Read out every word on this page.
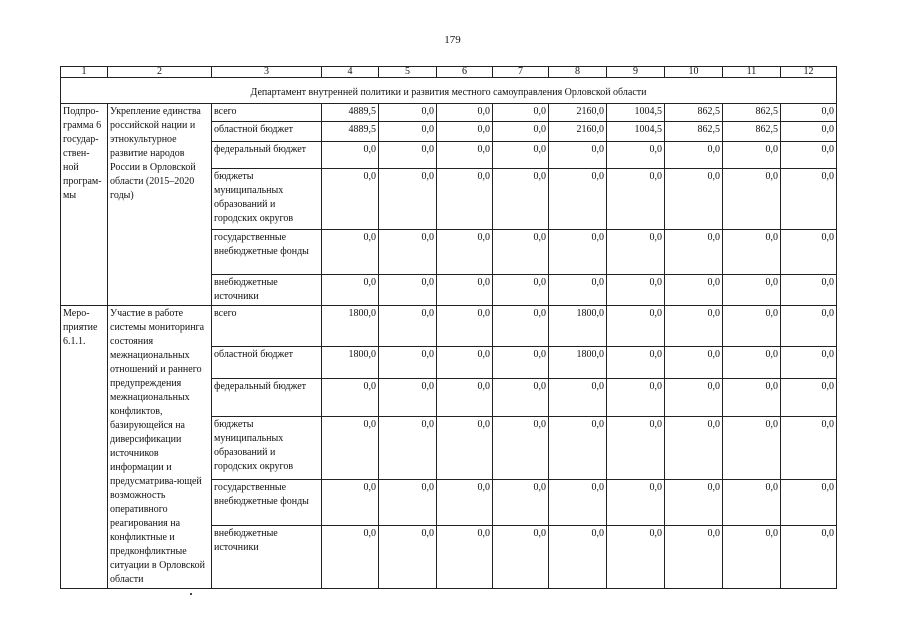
179
1	2	3	4	5	6	7	8	9	10	11	12
Департамент внутренней политики и развития местного самоуправления Орловской области											
Подпро-грамма 6 государ-ствен-ной програм-мы	Укрепление единства российской нации и этнокультурное развитие народов России в Орловской области (2015–2020 годы)	всего	4889,5	0,0	0,0	0,0	2160,0	1004,5	862,5	862,5	0,0
		областной бюджет	4889,5	0,0	0,0	0,0	2160,0	1004,5	862,5	862,5	0,0
		федеральный бюджет	0,0	0,0	0,0	0,0	0,0	0,0	0,0	0,0	0,0
		бюджеты муниципальных образований и городских округов	0,0	0,0	0,0	0,0	0,0	0,0	0,0	0,0	0,0
		государственные внебюджетные фонды	0,0	0,0	0,0	0,0	0,0	0,0	0,0	0,0	0,0
		внебюджетные источники	0,0	0,0	0,0	0,0	0,0	0,0	0,0	0,0	0,0
Меро-приятие 6.1.1.	Участие в работе системы мониторинга состояния межнациональных отношений и раннего предупреждения межнациональных конфликтов, базирующейся на диверсификации источников информации и предусматрива-ющей возможность оперативного реагирования на конфликтные и предконфликтные ситуации в Орловской области	всего	1800,0	0,0	0,0	0,0	1800,0	0,0	0,0	0,0	0,0
		областной бюджет	1800,0	0,0	0,0	0,0	1800,0	0,0	0,0	0,0	0,0
		федеральный бюджет	0,0	0,0	0,0	0,0	0,0	0,0	0,0	0,0	0,0
		бюджеты муниципальных образований и городских округов	0,0	0,0	0,0	0,0	0,0	0,0	0,0	0,0	0,0
		государственные внебюджетные фонды	0,0	0,0	0,0	0,0	0,0	0,0	0,0	0,0	0,0
		внебюджетные источники	0,0	0,0	0,0	0,0	0,0	0,0	0,0	0,0	0,0
